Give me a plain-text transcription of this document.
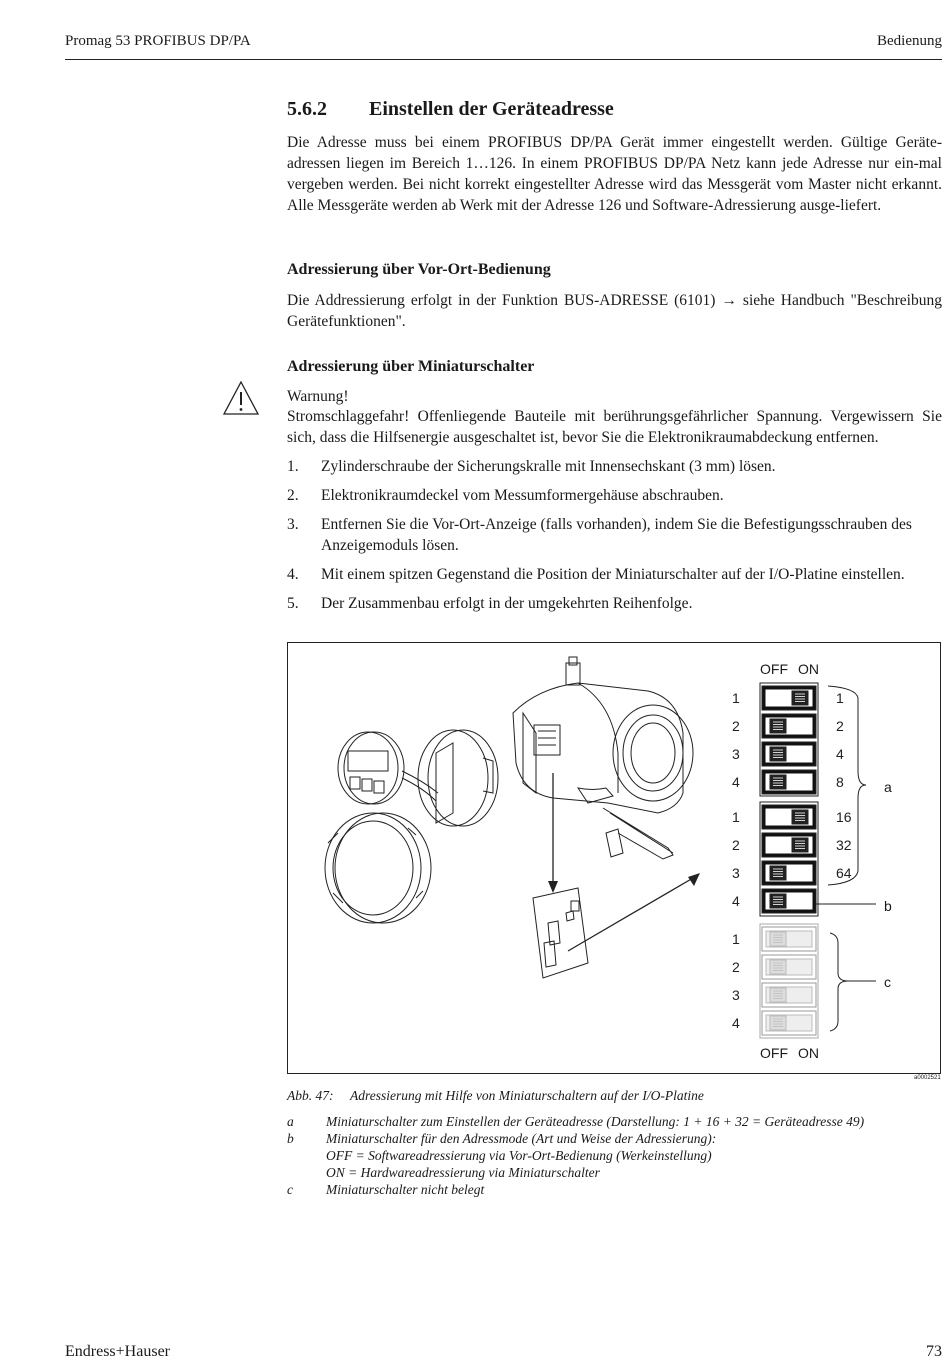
Promag 53 PROFIBUS DP/PA	Bedienung
5.6.2 Einstellen der Geräteadresse

Die Adresse muss bei einem PROFIBUS DP/PA Gerät immer eingestellt werden. Gültige Geräte-adressen liegen im Bereich 1…126. In einem PROFIBUS DP/PA Netz kann jede Adresse nur ein-mal vergeben werden. Bei nicht korrekt eingestellter Adresse wird das Messgerät vom Master nicht erkannt. Alle Messgeräte werden ab Werk mit der Adresse 126 und Software-Adressierung ausge-liefert.

Adressierung über Vor-Ort-Bedienung

Die Addressierung erfolgt in der Funktion BUS-ADRESSE (6101) → siehe Handbuch "Beschreibung Gerätefunktionen".

Adressierung über Miniaturschalter

Warnung!

Stromschlaggefahr! Offenliegende Bauteile mit berührungsgefährlicher Spannung. Vergewissern Sie sich, dass die Hilfsenergie ausgeschaltet ist, bevor Sie die Elektronikraumabdeckung entfernen.

1. Zylinderschraube der Sicherungskralle mit Innensechskant (3 mm) lösen.
2. Elektronikraumdeckel vom Messumformergehäuse abschrauben.
3. Entfernen Sie die Vor-Ort-Anzeige (falls vorhanden), indem Sie die Befestigungsschrauben des Anzeigemoduls lösen.
4. Mit einem spitzen Gegenstand die Position der Miniaturschalter auf der I/O-Platine einstellen.
5. Der Zusammenbau erfolgt in der umgekehrten Reihenfolge.
1	1
2	2
3	4
4	8
1	16
2	32
3	64
4
1
2
3
4
OFF ON
OFF ON
a
b
c
a0002521
Abb. 47: Adressierung mit Hilfe von Miniaturschaltern auf der I/O-Platine
a Miniaturschalter zum Einstellen der Geräteadresse (Darstellung: 1 + 16 + 32 = Geräteadresse 49)
b Miniaturschalter für den Adressmode (Art und Weise der Adressierung):
OFF = Softwareadressierung via Vor-Ort-Bedienung (Werkeinstellung)
ON = Hardwareadressierung via Miniaturschalter
c Miniaturschalter nicht belegt
Endress+Hauser	73
